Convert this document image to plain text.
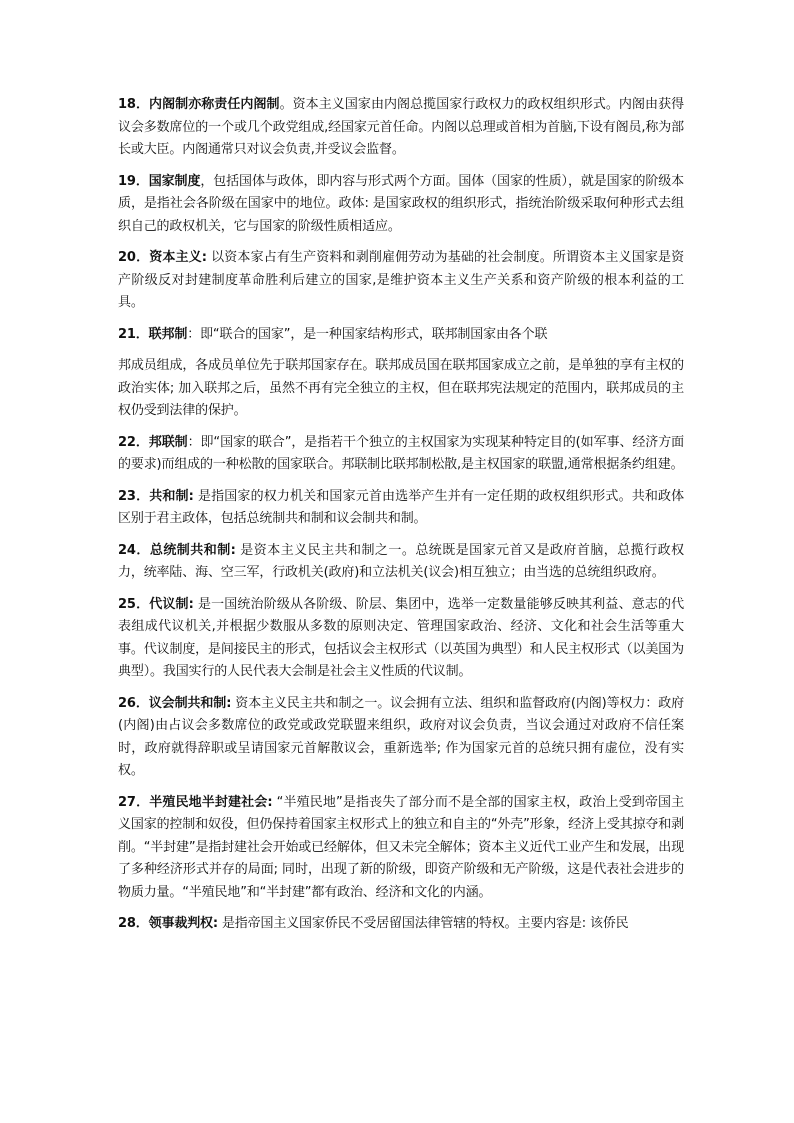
18．内阁制亦称责任内阁制。资本主义国家由内阁总揽国家行政权力的政权组织形式。内阁由获得议会多数席位的一个或几个政党组成,经国家元首任命。内阁以总理或首相为首脑,下设有阁员,称为部长或大臣。内阁通常只对议会负责,并受议会监督。

19．国家制度，包括国体与政体，即内容与形式两个方面。国体（国家的性质），就是国家的阶级本质，是指社会各阶级在国家中的地位。政体: 是国家政权的组织形式，指统治阶级采取何种形式去组织自己的政权机关，它与国家的阶级性质相适应。

20．资本主义: 以资本家占有生产资料和剥削雇佣劳动为基础的社会制度。所谓资本主义国家是资产阶级反对封建制度革命胜利后建立的国家,是维护资本主义生产关系和资产阶级的根本利益的工具。

21．联邦制：即“联合的国家”，是一种国家结构形式，联邦制国家由各个联

邦成员组成，各成员单位先于联邦国家存在。联邦成员国在联邦国家成立之前，是单独的享有主权的政治实体; 加入联邦之后，虽然不再有完全独立的主权，但在联邦宪法规定的范围内，联邦成员的主权仍受到法律的保护。

22．邦联制：即“国家的联合”，是指若干个独立的主权国家为实现某种特定目的(如军事、经济方面的要求)而组成的一种松散的国家联合。邦联制比联邦制松散,是主权国家的联盟,通常根据条约组建。

23．共和制: 是指国家的权力机关和国家元首由选举产生并有一定任期的政权组织形式。共和政体区别于君主政体，包括总统制共和制和议会制共和制。

24．总统制共和制: 是资本主义民主共和制之一。总统既是国家元首又是政府首脑，总揽行政权力，统率陆、海、空三军，行政机关(政府)和立法机关(议会)相互独立；由当选的总统组织政府。

25．代议制: 是一国统治阶级从各阶级、阶层、集团中，选举一定数量能够反映其利益、意志的代表组成代议机关,并根据少数服从多数的原则决定、管理国家政治、经济、文化和社会生活等重大事。代议制度，是间接民主的形式，包括议会主权形式（以英国为典型）和人民主权形式（以美国为典型）。我国实行的人民代表大会制是社会主义性质的代议制。

26．议会制共和制: 资本主义民主共和制之一。议会拥有立法、组织和监督政府(内阁)等权力：政府(内阁)由占议会多数席位的政党或政党联盟来组织，政府对议会负责，当议会通过对政府不信任案时，政府就得辞职或呈请国家元首解散议会，重新选举; 作为国家元首的总统只拥有虚位，没有实权。

27．半殖民地半封建社会: “半殖民地”是指丧失了部分而不是全部的国家主权，政治上受到帝国主义国家的控制和奴役，但仍保持着国家主权形式上的独立和自主的“外壳”形象，经济上受其掠夺和剥削。“半封建”是指封建社会开始或已经解体，但又未完全解体；资本主义近代工业产生和发展，出现了多种经济形式并存的局面; 同时，出现了新的阶级，即资产阶级和无产阶级，这是代表社会进步的物质力量。“半殖民地”和“半封建”都有政治、经济和文化的内涵。

28．领事裁判权: 是指帝国主义国家侨民不受居留国法律管辖的特权。主要内容是: 该侨民
